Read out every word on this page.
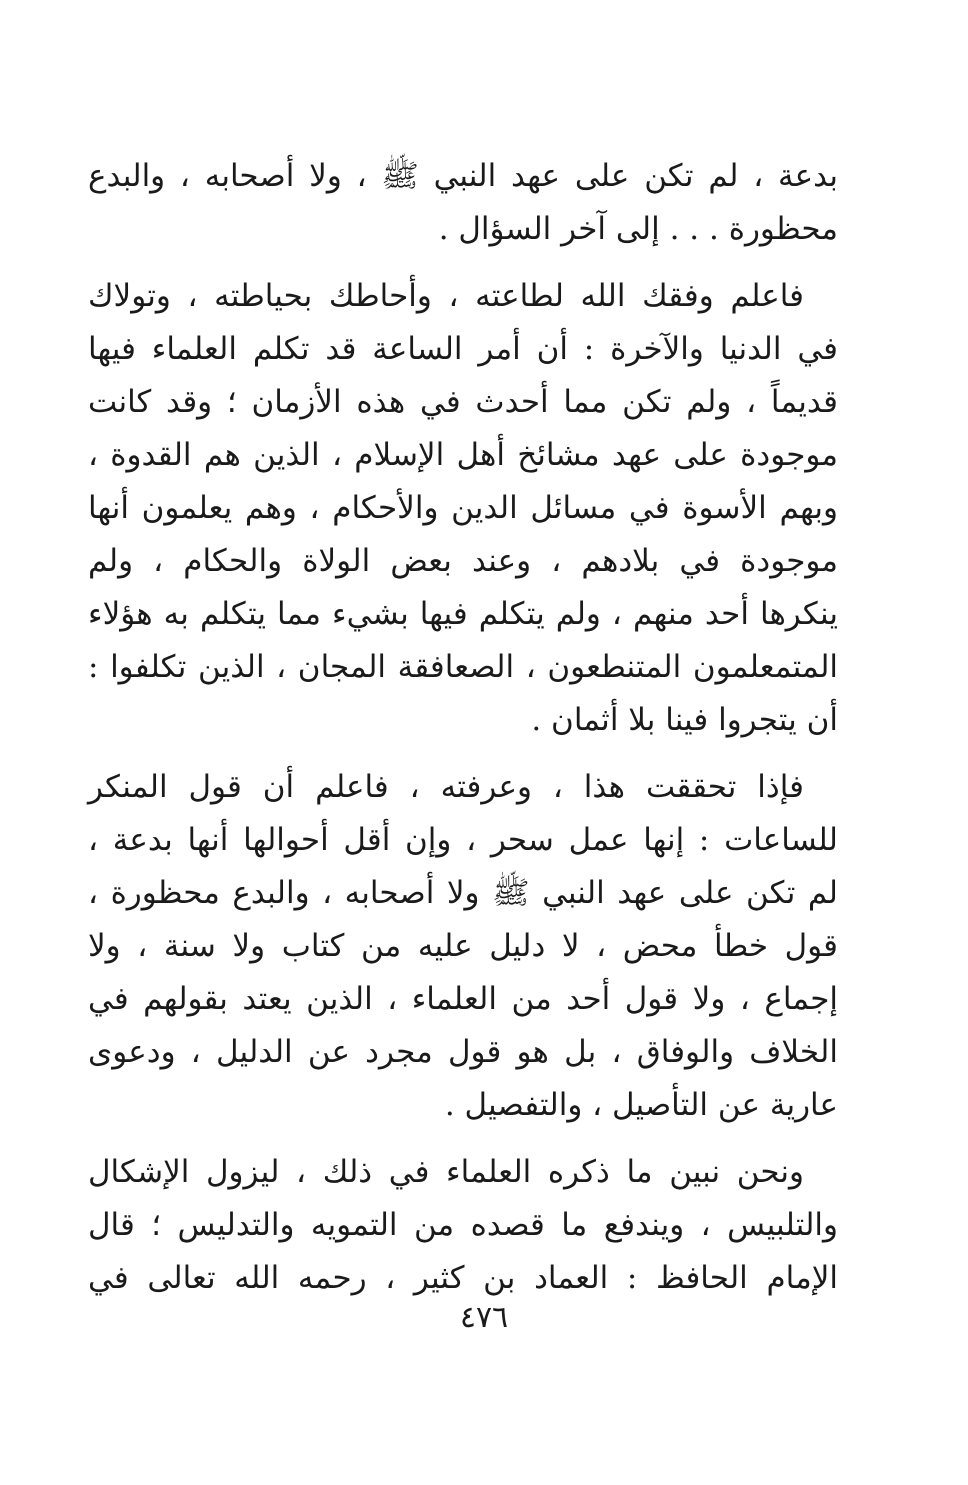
بدعة ، لم تكن على عهد النبي ﷺ ، ولا أصحابه ، والبدع
محظورة . . . إلى آخر السؤال .
فاعلم وفقك الله لطاعته ، وأحاطك بحياطته ، وتولاك
في الدنيا والآخرة : أن أمر الساعة قد تكلم العلماء فيها
قديماً ، ولم تكن مما أحدث في هذه الأزمان ؛ وقد كانت
موجودة على عهد مشائخ أهل الإسلام ، الذين هم القدوة ،
وبهم الأسوة في مسائل الدين والأحكام ، وهم يعلمون أنها
موجودة في بلادهم ، وعند بعض الولاة والحكام ، ولم
ينكرها أحد منهم ، ولم يتكلم فيها بشيء مما يتكلم به هؤلاء
المتمعلمون المتنطعون ، الصعافقة المجان ، الذين تكلفوا :
أن يتجروا فينا بلا أثمان .
فإذا تحققت هذا ، وعرفته ، فاعلم أن قول المنكر
للساعات : إنها عمل سحر ، وإن أقل أحوالها أنها بدعة ،
لم تكن على عهد النبي ﷺ ولا أصحابه ، والبدع محظورة ،
قول خطأ محض ، لا دليل عليه من كتاب ولا سنة ، ولا
إجماع ، ولا قول أحد من العلماء ، الذين يعتد بقولهم في
الخلاف والوفاق ، بل هو قول مجرد عن الدليل ، ودعوى
عارية عن التأصيل ، والتفصيل .
ونحن نبين ما ذكره العلماء في ذلك ، ليزول الإشكال
والتلبيس ، ويندفع ما قصده من التمويه والتدليس ؛ قال
الإمام الحافظ : العماد بن كثير ، رحمه الله تعالى في
٤٧٦
